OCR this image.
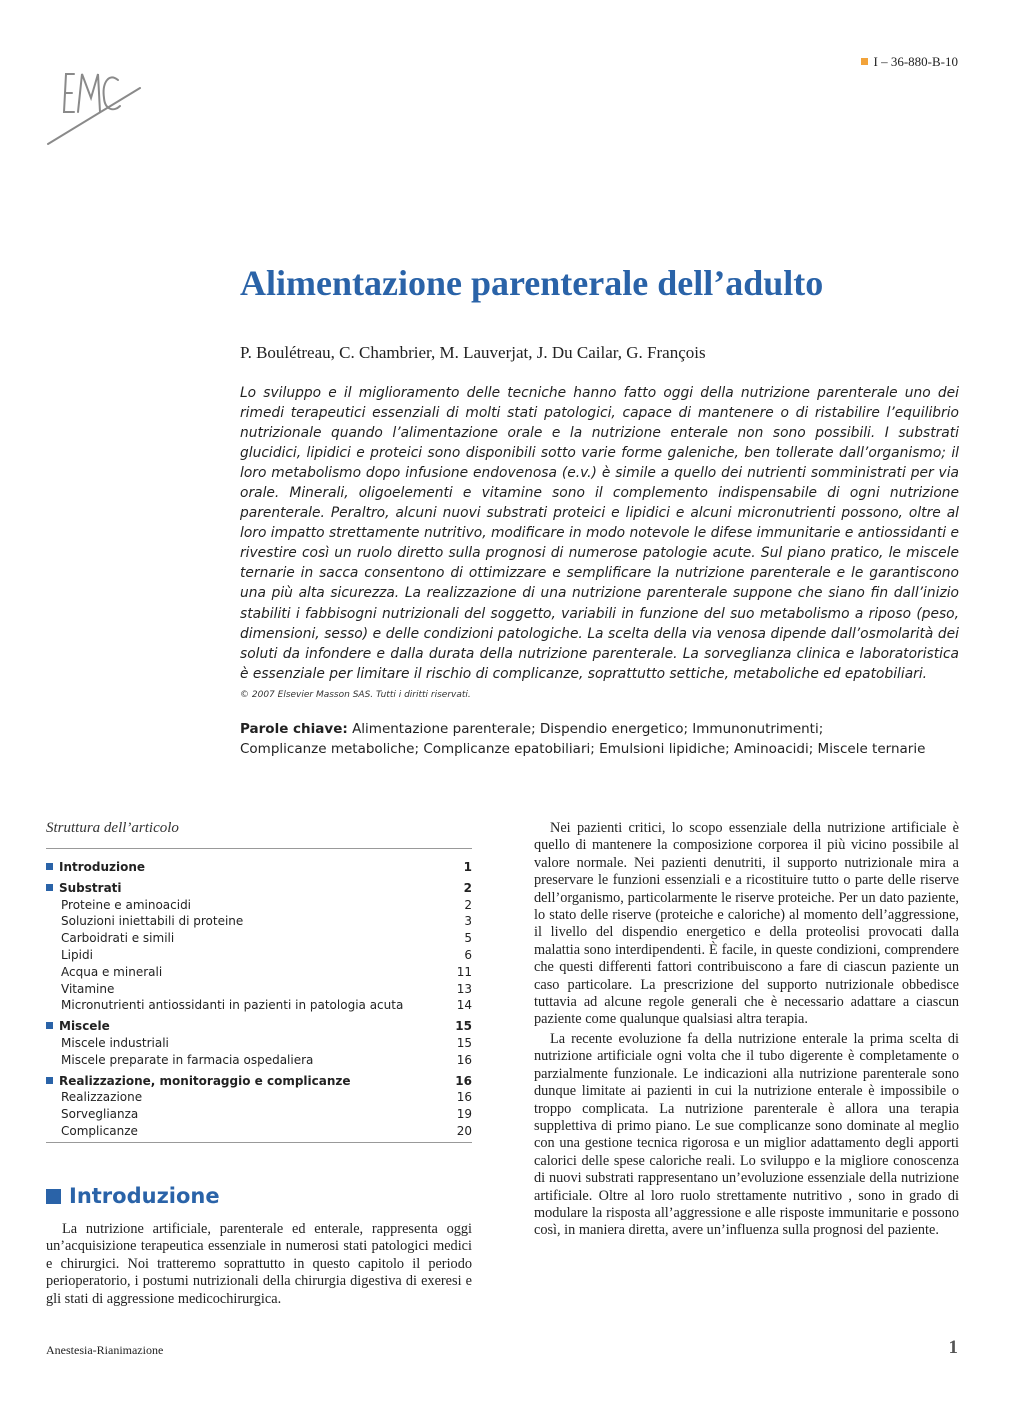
I – 36-880-B-10
Alimentazione parenterale dell’adulto
P. Boulétreau, C. Chambrier, M. Lauverjat, J. Du Cailar, G. François

Lo sviluppo e il miglioramento delle tecniche hanno fatto oggi della nutrizione parenterale uno dei rimedi terapeutici essenziali di molti stati patologici, capace di mantenere o di ristabilire l’equilibrio nutrizionale quando l’alimentazione orale e la nutrizione enterale non sono possibili. I substrati glucidici, lipidici e proteici sono disponibili sotto varie forme galeniche, ben tollerate dall’organismo; il loro metabolismo dopo infusione endovenosa (e.v.) è simile a quello dei nutrienti somministrati per via orale. Minerali, oligoelementi e vitamine sono il complemento indispensabile di ogni nutrizione parenterale. Peraltro, alcuni nuovi substrati proteici e lipidici e alcuni micronutrienti possono, oltre al loro impatto strettamente nutritivo, modificare in modo notevole le difese immunitarie e antiossidanti e rivestire così un ruolo diretto sulla prognosi di numerose patologie acute. Sul piano pratico, le miscele ternarie in sacca consentono di ottimizzare e semplificare la nutrizione parenterale e le garantiscono una più alta sicurezza. La realizzazione di una nutrizione parenterale suppone che siano fin dall’inizio stabiliti i fabbisogni nutrizionali del soggetto, variabili in funzione del suo metabolismo a riposo (peso, dimensioni, sesso) e delle condizioni patologiche. La scelta della via venosa dipende dall’osmolarità dei soluti da infondere e dalla durata della nutrizione parenterale. La sorveglianza clinica e laboratoristica è essenziale per limitare il rischio di complicanze, soprattutto settiche, metaboliche ed epatobiliari.

© 2007 Elsevier Masson SAS. Tutti i diritti riservati.
Parole chiave: Alimentazione parenterale; Dispendio energetico; Immunonutrimenti;
Complicanze metaboliche; Complicanze epatobiliari; Emulsioni lipidiche; Aminoacidi; Miscele ternarie
Struttura dell’articolo
Introduzione	1
Substrati	2
Proteine e aminoacidi	2
Soluzioni iniettabili di proteine	3
Carboidrati e simili	5
Lipidi	6
Acqua e minerali	11
Vitamine	13
Micronutrienti antiossidanti in pazienti in patologia acuta	14
Miscele	15
Miscele industriali	15
Miscele preparate in farmacia ospedaliera	16
Realizzazione, monitoraggio e complicanze	16
Realizzazione	16
Sorveglianza	19
Complicanze	20
Introduzione

La nutrizione artificiale, parenterale ed enterale, rappresenta oggi un’acquisizione terapeutica essenziale in numerosi stati patologici medici e chirurgici. Noi tratteremo soprattutto in questo capitolo il periodo perioperatorio, i postumi nutrizionali della chirurgia digestiva di exeresi e gli stati di aggressione medicochirurgica.

Nei pazienti critici, lo scopo essenziale della nutrizione artificiale è quello di mantenere la composizione corporea il più vicino possibile al valore normale. Nei pazienti denutriti, il supporto nutrizionale mira a preservare le funzioni essenziali e a ricostituire tutto o parte delle riserve dell’organismo, particolarmente le riserve proteiche. Per un dato paziente, lo stato delle riserve (proteiche e caloriche) al momento dell’aggressione, il livello del dispendio energetico e della proteolisi provocati dalla malattia sono interdipendenti. È facile, in queste condizioni, comprendere che questi differenti fattori contribuiscono a fare di ciascun paziente un caso particolare. La prescrizione del supporto nutrizionale obbedisce tuttavia ad alcune regole generali che è necessario adattare a ciascun paziente come qualunque qualsiasi altra terapia.

La recente evoluzione fa della nutrizione enterale la prima scelta di nutrizione artificiale ogni volta che il tubo digerente è completamente o parzialmente funzionale. Le indicazioni alla nutrizione parenterale sono dunque limitate ai pazienti in cui la nutrizione enterale è impossibile o troppo complicata. La nutrizione parenterale è allora una terapia supplettiva di primo piano. Le sue complicanze sono dominate al meglio con una gestione tecnica rigorosa e un miglior adattamento degli apporti calorici delle spese caloriche reali. Lo sviluppo e la migliore conoscenza di nuovi substrati rappresentano un’evoluzione essenziale della nutrizione artificiale. Oltre al loro ruolo strettamente nutritivo , sono in grado di modulare la risposta all’aggressione e alle risposte immunitarie e possono così, in maniera diretta, avere un’influenza sulla prognosi del paziente.

Anestesia-Rianimazione	1
